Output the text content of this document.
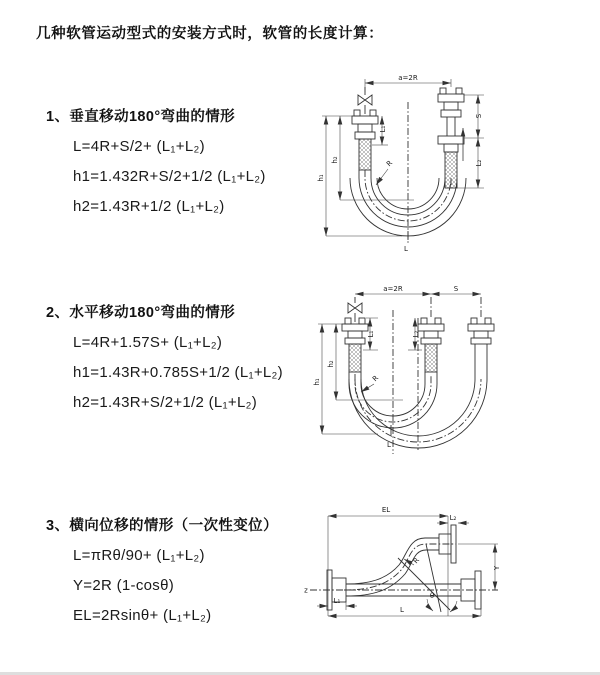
几种软管运动型式的安装方式时，软管的长度计算：
1、垂直移动180°弯曲的情形
L=4R+S/2+ (L₁+L₂)
h1=1.432R+S/2+1/2 (L₁+L₂)
h2=1.43R+1/2 (L₁+L₂)
2、水平移动180°弯曲的情形
L=4R+1.57S+ (L₁+L₂)
h1=1.43R+0.785S+1/2 (L₁+L₂)
h2=1.43R+S/2+1/2 (L₁+L₂)
3、横向位移的情形（一次性变位）
L=πRθ/90+ (L₁+L₂)
Y=2R (1-cosθ)
EL=2Rsinθ+ (L₁+L₂)
a=2R
h₁
h₂
L₁
S
L₂
R
L
a=2R	S
h₁
h₂
L₁	L₂
R
L
EL
L₂
Y
R
θ
L
L₁
z
